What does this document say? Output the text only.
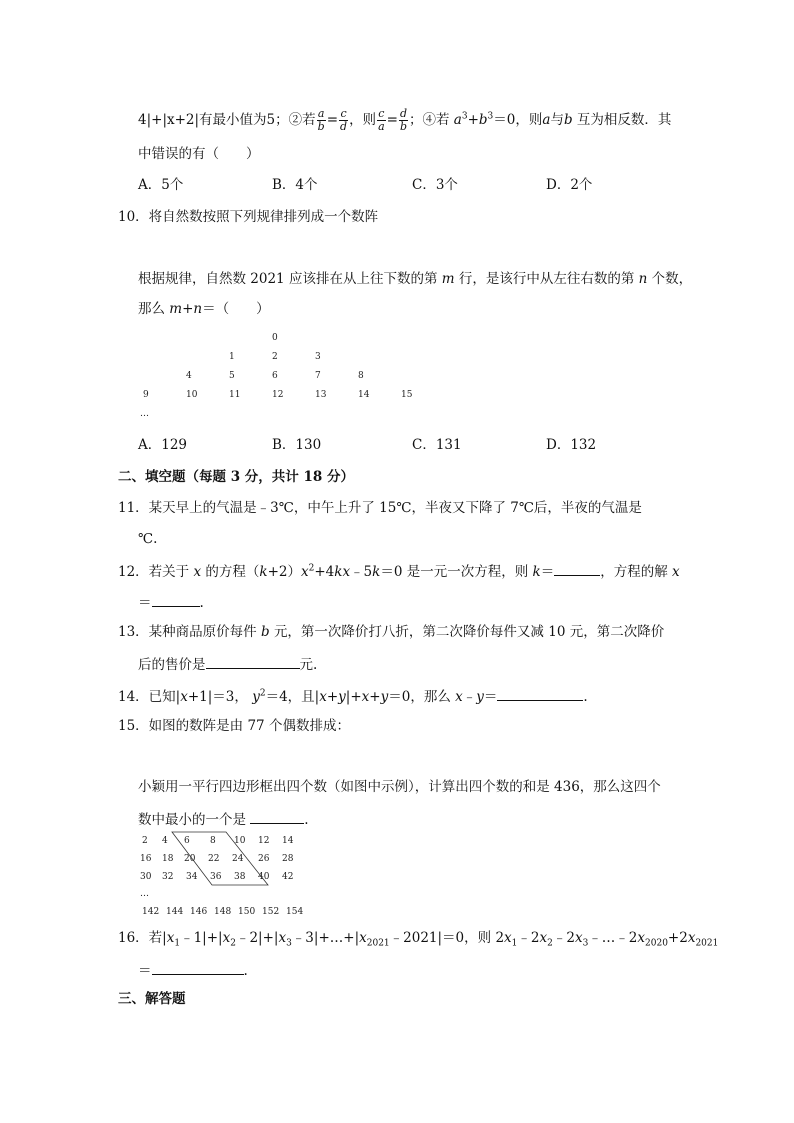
4|+|x+2|有最小值为5；②若 $\frac{a}{b} = \frac{c}{d}$ ，则 $\frac{c}{a} = \frac{d}{b}$ ；④若 $a^3+b^3=0$，则a与b 互为相反数．其
中错误的有（　　）
A．5个	B．4个	C．3个	D．2个
10．将自然数按照下列规律排列成一个数阵
根据规律，自然数 2021 应该排在从上往下数的第 m 行，是该行中从左往右数的第 n 个数，
那么 m+n＝（　　）
0
1	2	3
4	5	6	7	8
9	10	11	12	13	14	15
…
A．129	B．130	C．131	D．132
二、填空题（每题 3 分，共计 18 分）
11．某天早上的气温是﹣3℃，中午上升了 15℃，半夜又下降了 7℃后，半夜的气温是
℃.
12．若关于 x 的方程$(k+2)x^2+4kx﹣5k=0$ 是一元一次方程，则 k＝	，方程的解 x
＝	.
13．某种商品原价每件 b 元，第一次降价打八折，第二次降价每件又减 10 元，第二次降价
后的售价是	元.
14．已知|x+1|＝3， $y^2=4$，且|x+y|+x+y＝0，那么 x﹣y＝	.
15．如图的数阵是由 77 个偶数排成：
小颖用一平行四边形框出四个数（如图中示例），计算出四个数的和是 436，那么这四个
数中最小的一个是	.
2 4 6 8 10 12 14
16 18 20 22 24 26 28
30 32 34 36 38 40 42
…
142 144 146 148 150 152 154
16．若$|x_1﹣1|+|x_2﹣2|+|x_3﹣3|+\dots+|x_{2021}﹣2021|=0$，则 $2x_1﹣2x_2﹣2x_3﹣\dots﹣2x_{2020}+2x_{2021}$
＝	.
三、解答题
